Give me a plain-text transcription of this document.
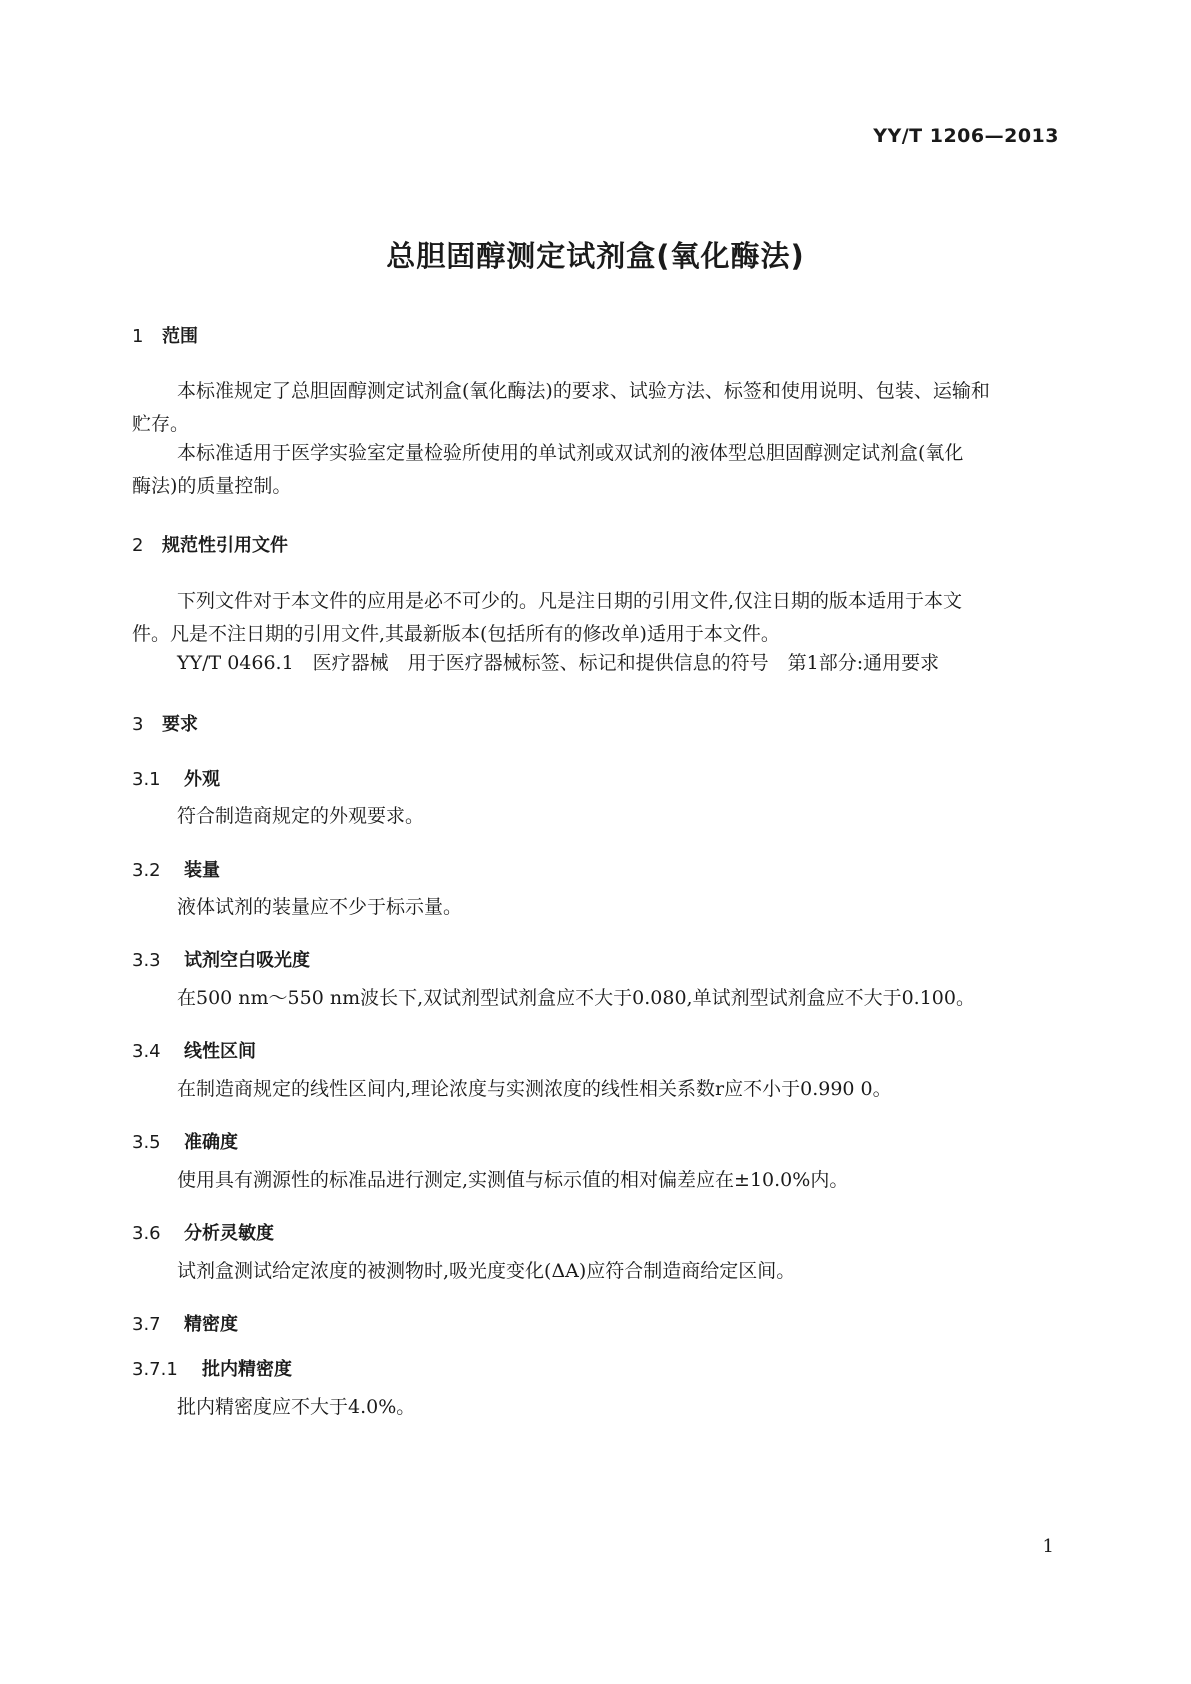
YY/T 1206—2013
总胆固醇测定试剂盒(氧化酶法)
1 范围
本标准规定了总胆固醇测定试剂盒(氧化酶法)的要求、试验方法、标签和使用说明、包装、运输和
贮存。
本标准适用于医学实验室定量检验所使用的单试剂或双试剂的液体型总胆固醇测定试剂盒(氧化
酶法)的质量控制。
2 规范性引用文件
下列文件对于本文件的应用是必不可少的。凡是注日期的引用文件,仅注日期的版本适用于本文
件。凡是不注日期的引用文件,其最新版本(包括所有的修改单)适用于本文件。
YY/T 0466.1　医疗器械　用于医疗器械标签、标记和提供信息的符号　第1部分:通用要求
3 要求
3.1 外观
符合制造商规定的外观要求。
3.2 装量
液体试剂的装量应不少于标示量。
3.3 试剂空白吸光度
在500 nm～550 nm波长下,双试剂型试剂盒应不大于0.080,单试剂型试剂盒应不大于0.100。
3.4 线性区间
在制造商规定的线性区间内,理论浓度与实测浓度的线性相关系数r应不小于0.990 0。
3.5 准确度
使用具有溯源性的标准品进行测定,实测值与标示值的相对偏差应在±10.0%内。
3.6 分析灵敏度
试剂盒测试给定浓度的被测物时,吸光度变化(ΔA)应符合制造商给定区间。
3.7 精密度
3.7.1 批内精密度
批内精密度应不大于4.0%。
1
